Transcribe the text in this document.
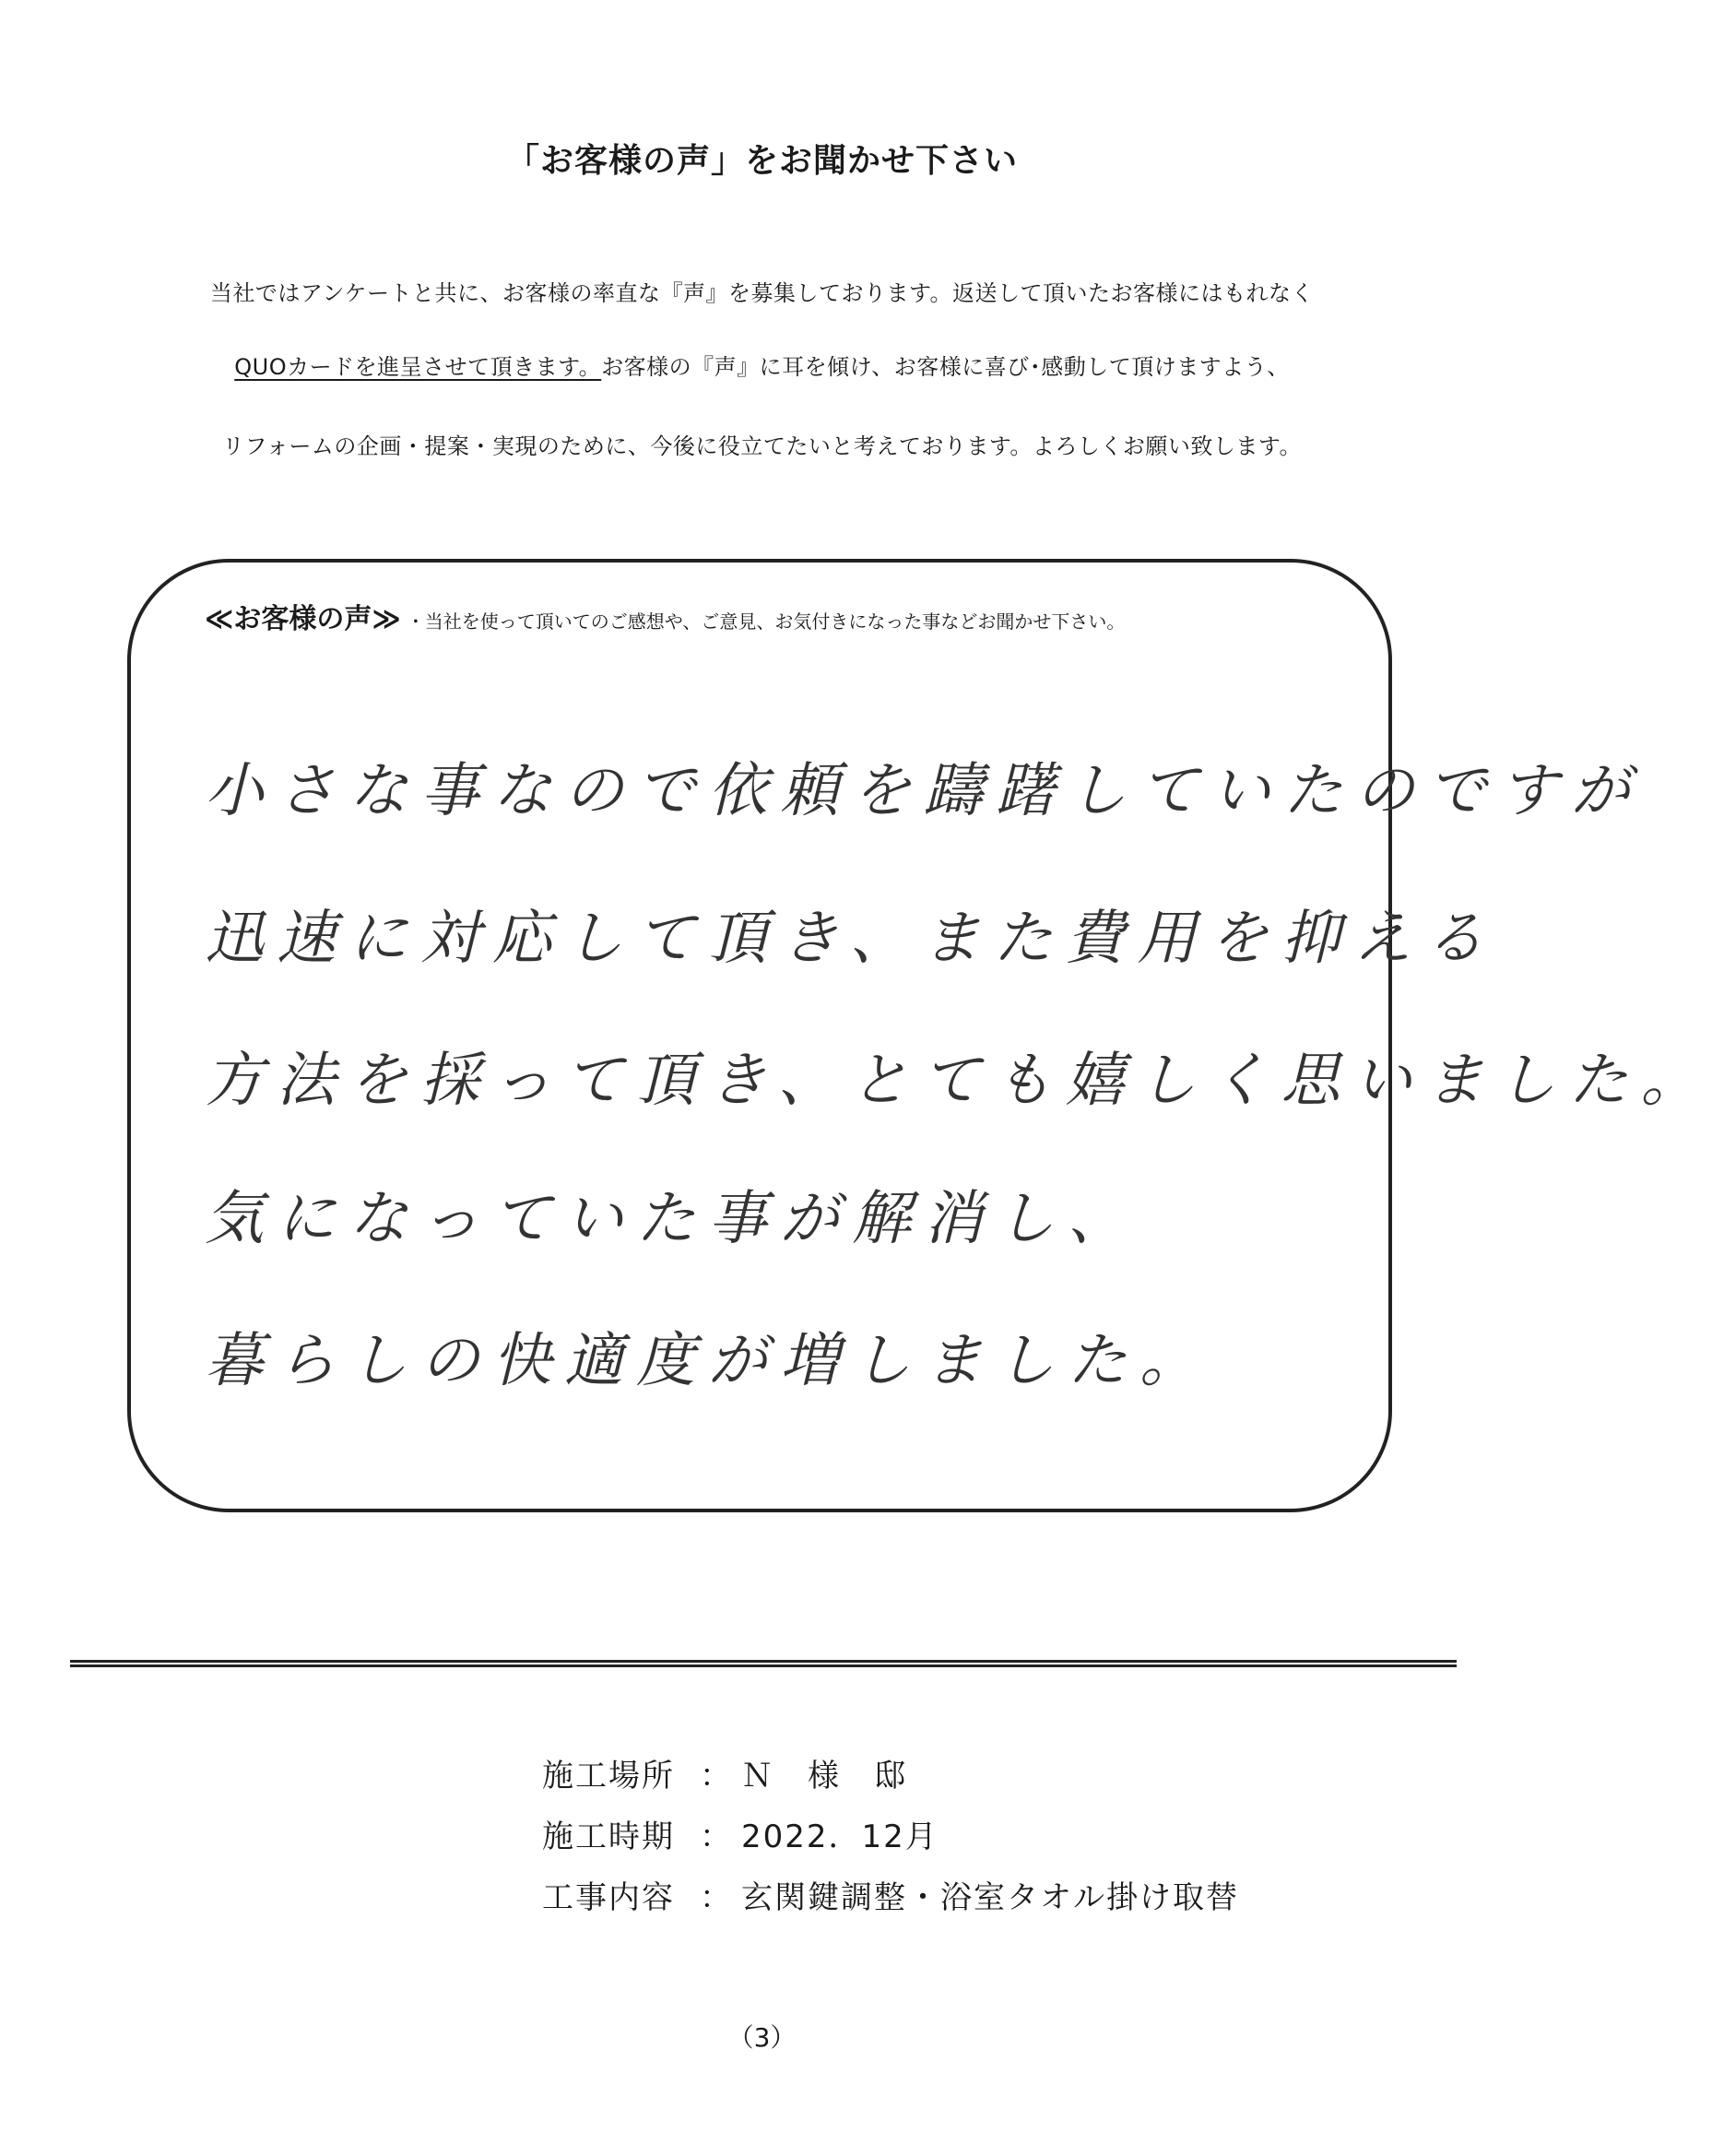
「お客様の声」をお聞かせ下さい
当社ではアンケートと共に、お客様の率直な『声』を募集しております。返送して頂いたお客様にはもれなく
QUOカードを進呈させて頂きます。お客様の『声』に耳を傾け、お客様に喜び･感動して頂けますよう、
リフォームの企画・提案・実現のために、今後に役立てたいと考えております。よろしくお願い致します。
≪お客様の声≫ ・当社を使って頂いてのご感想や、ご意見、お気付きになった事などお聞かせ下さい。
小さな事なので依頼を躊躇していたのですが
迅速に対応して頂き、また費用を抑える
方法を採って頂き、とても嬉しく思いました。
気になっていた事が解消し、
暮らしの快適度が増しました。
施工場所 ： Ｎ　様　邸
施工時期 ： 2022．12月
工事内容 ： 玄関鍵調整・浴室タオル掛け取替
（3）
